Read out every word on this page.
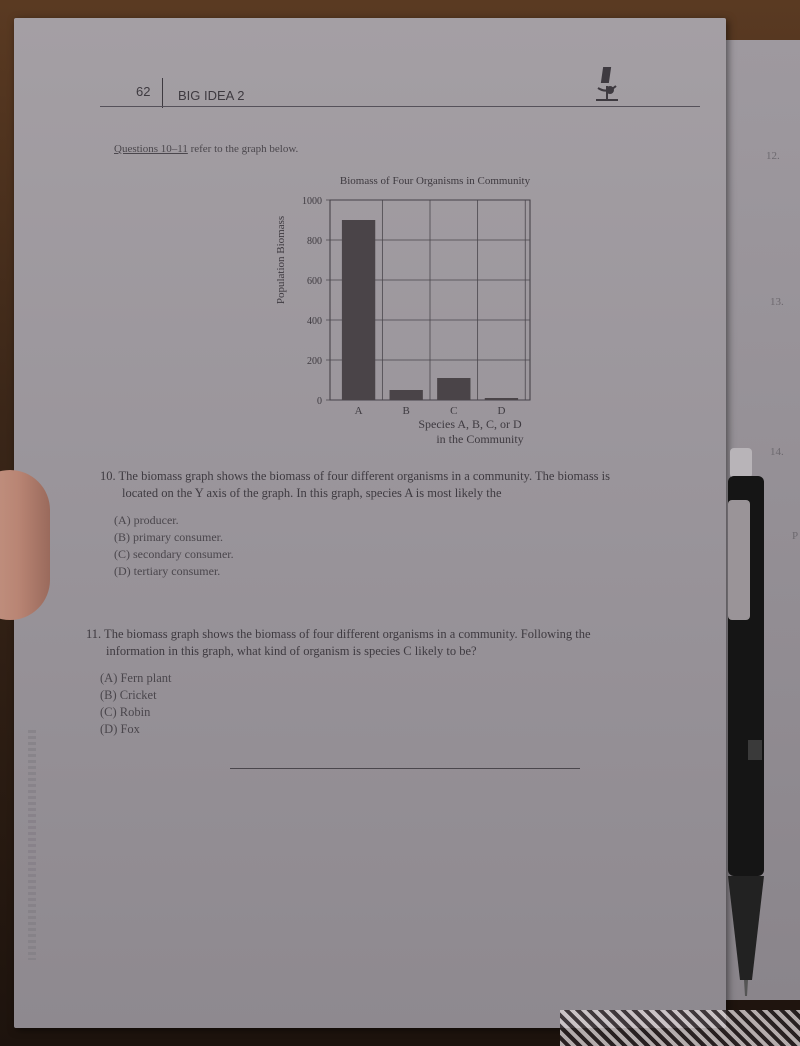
12.
13.
14.
P
62 BIG IDEA 2
Questions 10–11 refer to the graph below.
Biomass of Four Organisms in Community
Population Biomass
Species A, B, C, or D
in the Community
0
200
400
600
800
1000
A	B	C	D

10. The biomass graph shows the biomass of four different organisms in a community. The biomass is

located on the Y axis of the graph. In this graph, species A is most likely the

(A) producer.
(B) primary consumer.
(C) secondary consumer.
(D) tertiary consumer.

11. The biomass graph shows the biomass of four different organisms in a community. Following the

information in this graph, what kind of organism is species C likely to be?

(A) Fern plant
(B) Cricket
(C) Robin
(D) Fox
